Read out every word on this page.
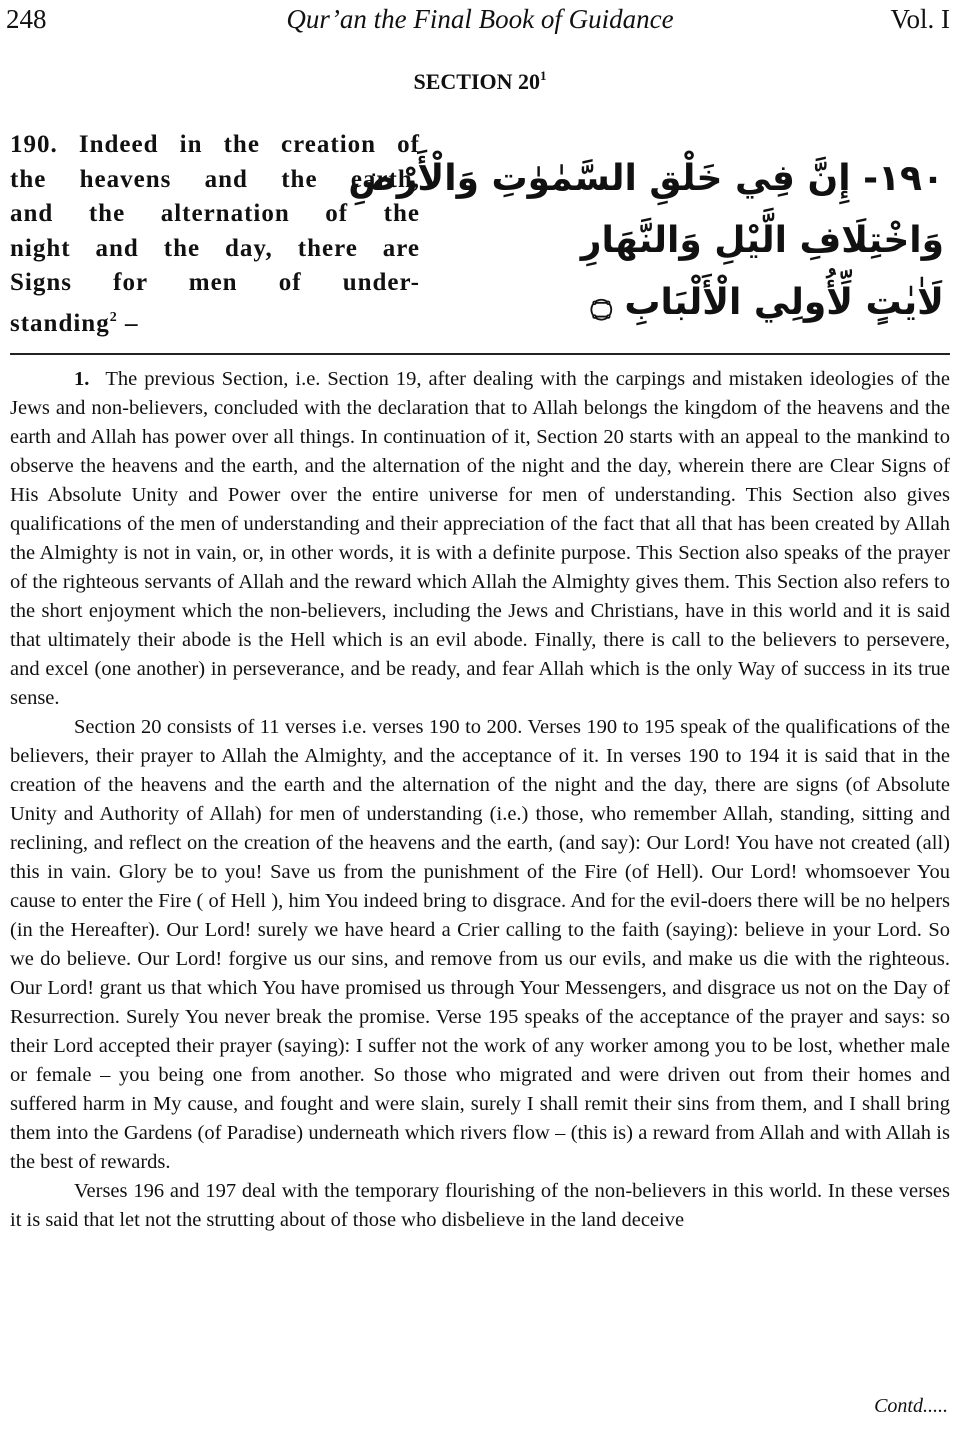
248	Qur’an the Final Book of Guidance	Vol. I
SECTION $20^1$
190. Indeed in the creation of
the heavens and the earth,
and the alternation of the
night and the day, there are
Signs for men of under-
standing$^2$ –
١٩٠- إِنَّ فِي خَلْقِ السَّمٰوٰتِ وَالْأَرْضِ
وَاخْتِلَافِ الَّيْلِ وَالنَّهَارِ
لَاٰيٰتٍ لِّأُولِي الْأَلْبَابِ ۝

1. The previous Section, i.e. Section 19, after dealing with the carpings and mistaken ideologies of the Jews and non-believers, concluded with the declaration that to Allah belongs the kingdom of the heavens and the earth and Allah has power over all things. In continuation of it, Section 20 starts with an appeal to the mankind to observe the heavens and the earth, and the alternation of the night and the day, wherein there are Clear Signs of His Absolute Unity and Power over the entire universe for men of understanding. This Section also gives qualifications of the men of understanding and their appreciation of the fact that all that has been created by Allah the Almighty is not in vain, or, in other words, it is with a definite purpose. This Section also speaks of the prayer of the righteous servants of Allah and the reward which Allah the Almighty gives them. This Section also refers to the short enjoyment which the non-believers, including the Jews and Christians, have in this world and it is said that ultimately their abode is the Hell which is an evil abode. Finally, there is call to the believers to persevere, and excel (one another) in perseverance, and be ready, and fear Allah which is the only Way of success in its true sense.

Section 20 consists of 11 verses i.e. verses 190 to 200. Verses 190 to 195 speak of the qualifications of the believers, their prayer to Allah the Almighty, and the acceptance of it. In verses 190 to 194 it is said that in the creation of the heavens and the earth and the alternation of the night and the day, there are signs (of Absolute Unity and Authority of Allah) for men of understanding (i.e.) those, who remember Allah, standing, sitting and reclining, and reflect on the creation of the heavens and the earth, (and say): Our Lord! You have not created (all) this in vain. Glory be to you! Save us from the punishment of the Fire (of Hell). Our Lord! whomsoever You cause to enter the Fire ( of Hell ), him You indeed bring to disgrace. And for the evil-doers there will be no helpers (in the Hereafter). Our Lord! surely we have heard a Crier calling to the faith (saying): believe in your Lord. So we do believe. Our Lord! forgive us our sins, and remove from us our evils, and make us die with the righteous. Our Lord! grant us that which You have promised us through Your Messengers, and disgrace us not on the Day of Resurrection. Surely You never break the promise. Verse 195 speaks of the acceptance of the prayer and says: so their Lord accepted their prayer (saying): I suffer not the work of any worker among you to be lost, whether male or female – you being one from another. So those who migrated and were driven out from their homes and suffered harm in My cause, and fought and were slain, surely I shall remit their sins from them, and I shall bring them into the Gardens (of Paradise) underneath which rivers flow – (this is) a reward from Allah and with Allah is the best of rewards.

Verses 196 and 197 deal with the temporary flourishing of the non-believers in this world. In these verses it is said that let not the strutting about of those who disbelieve in the land deceive

Contd.....
